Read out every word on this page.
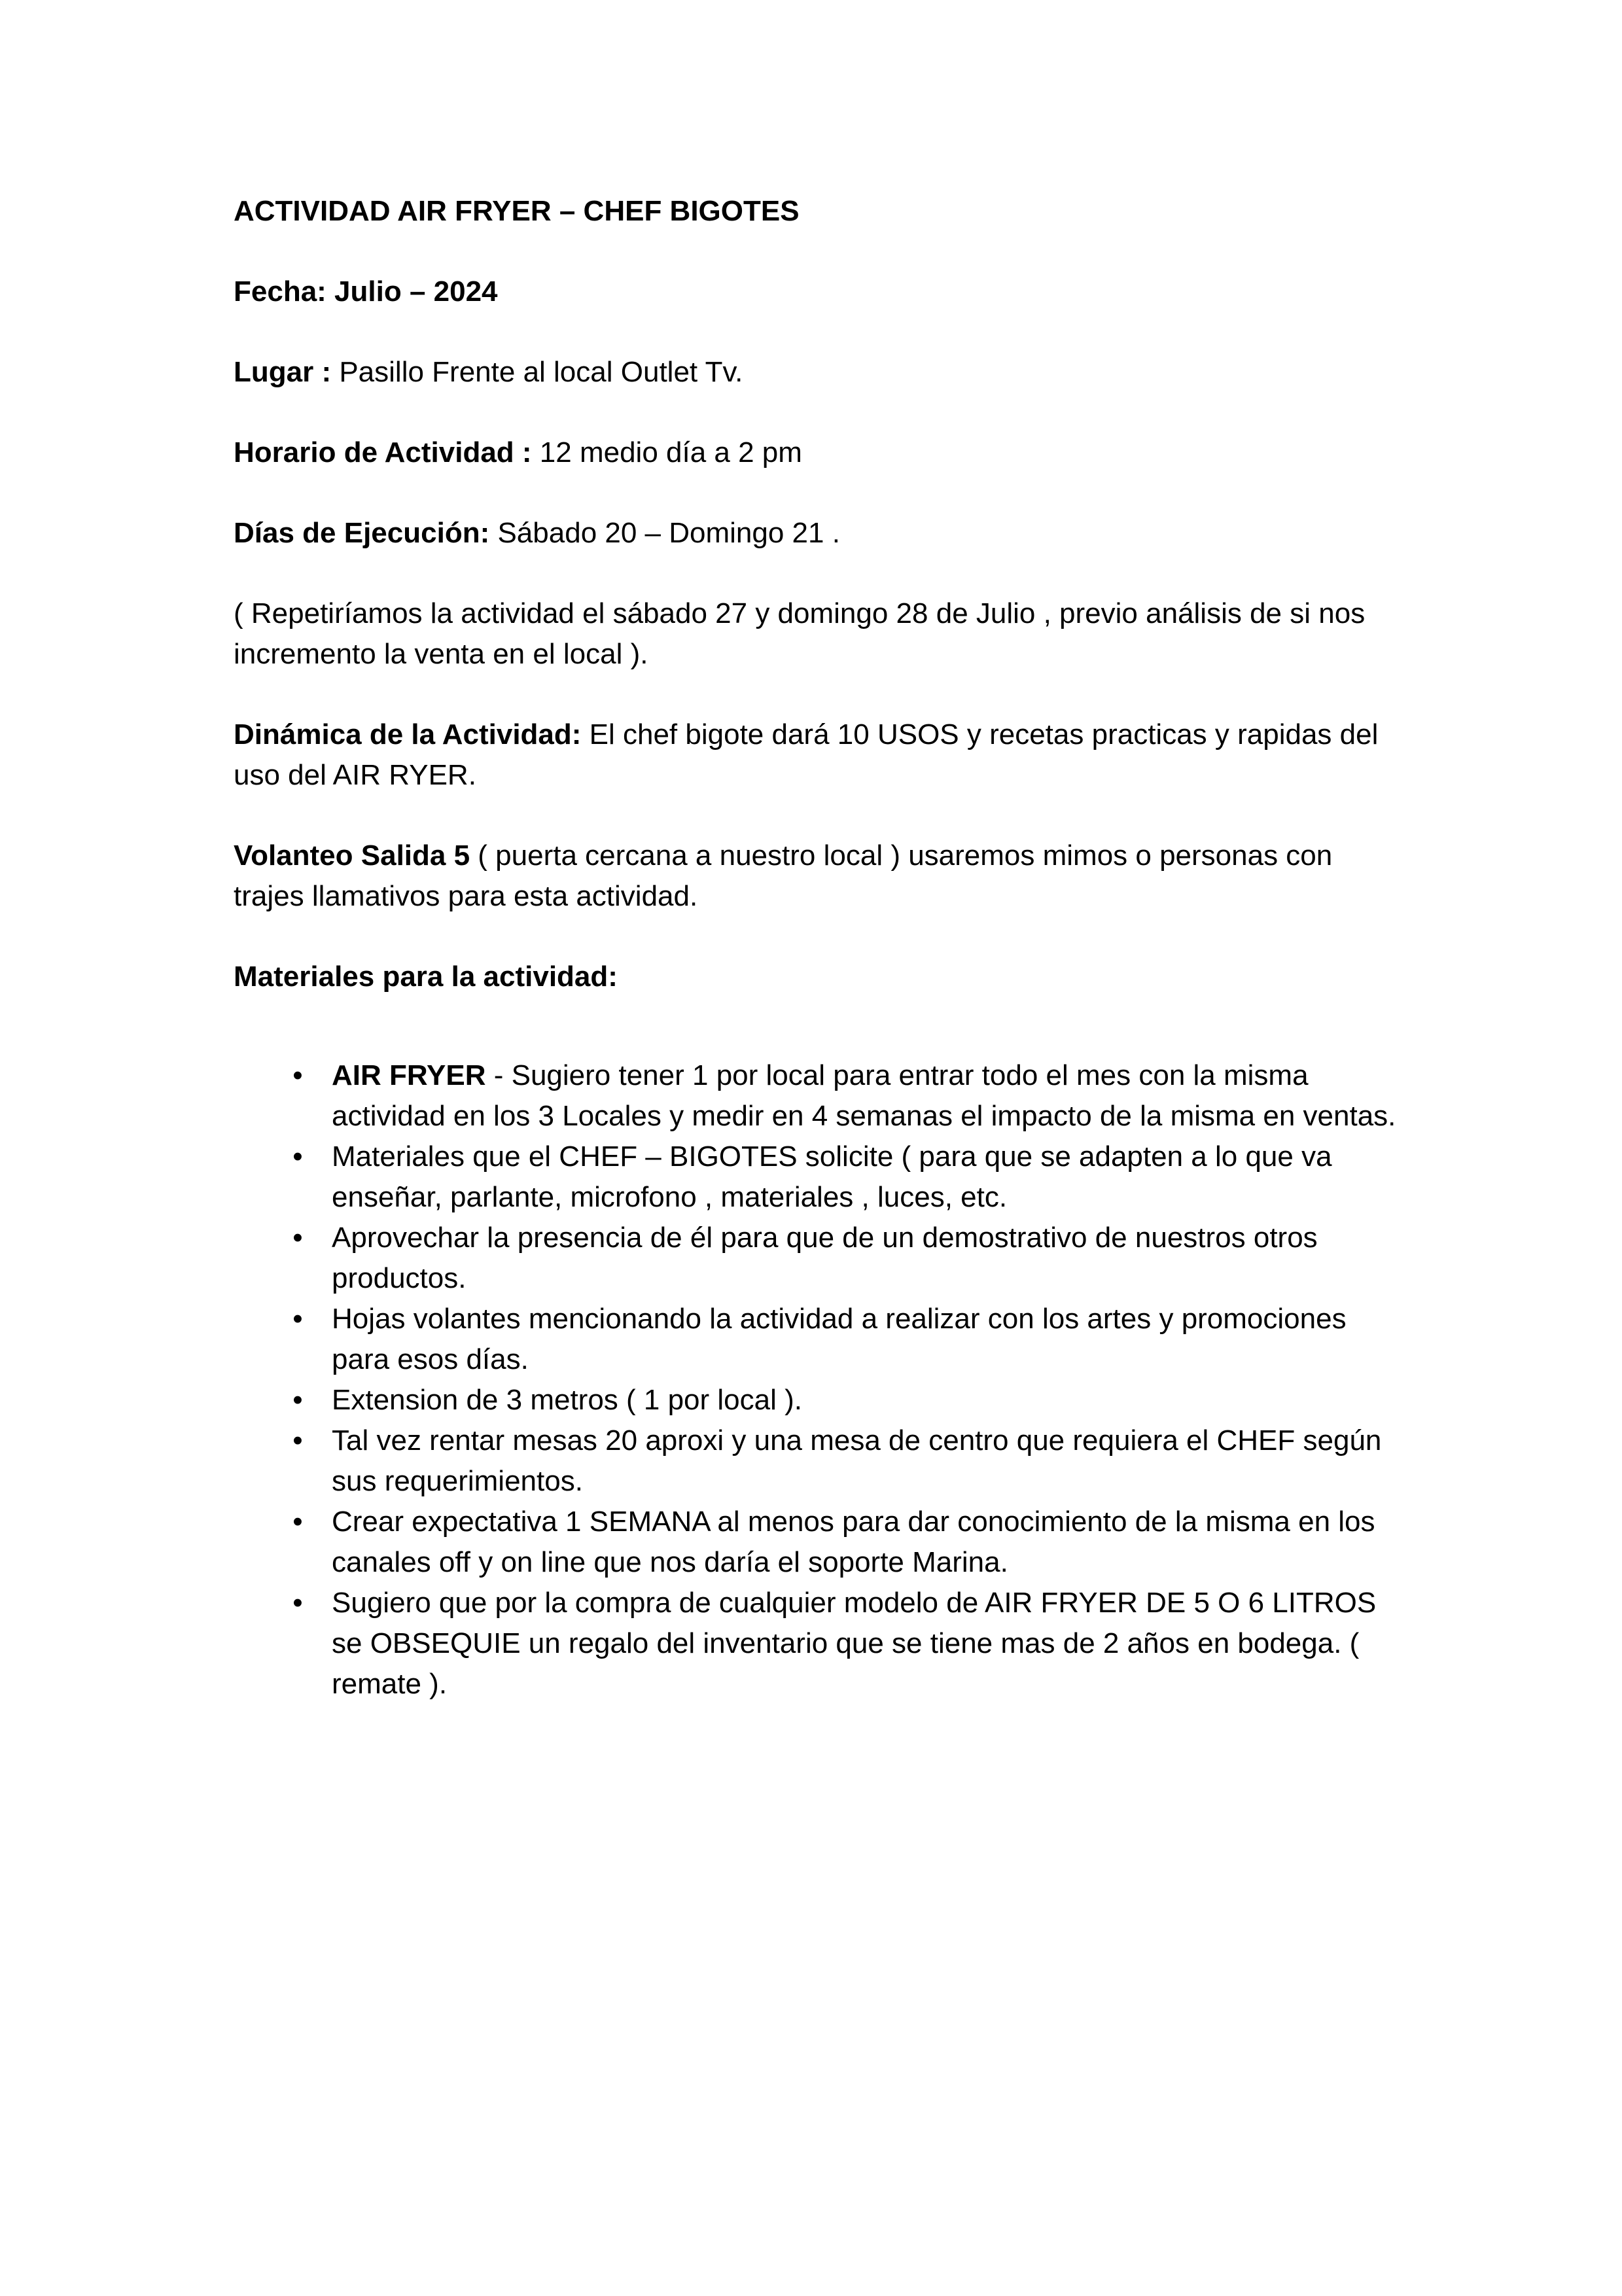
ACTIVIDAD AIR FRYER – CHEF BIGOTES

Fecha: Julio – 2024

Lugar : Pasillo Frente al local Outlet Tv.

Horario de Actividad : 12 medio día a 2 pm

Días de Ejecución: Sábado 20 – Domingo 21 .

( Repetiríamos la actividad el sábado 27 y domingo 28 de Julio , previo análisis de si nos incremento la venta en el local ).

Dinámica de la Actividad: El chef bigote dará 10 USOS y recetas practicas y rapidas del uso del AIR RYER.

Volanteo Salida 5 ( puerta cercana a nuestro local ) usaremos mimos o personas con trajes llamativos para esta actividad.

Materiales para la actividad:

• AIR FRYER - Sugiero tener 1 por local para entrar todo el mes con la misma actividad en los 3 Locales y medir en 4 semanas el impacto de la misma en ventas.
• Materiales que el CHEF – BIGOTES solicite ( para que se adapten a lo que va enseñar, parlante, microfono , materiales , luces, etc.
• Aprovechar la presencia de él para que de un demostrativo de nuestros otros productos.
• Hojas volantes mencionando la actividad a realizar con los artes y promociones para esos días.
• Extension de 3 metros ( 1 por local ).
• Tal vez rentar mesas 20 aproxi y una mesa de centro que requiera el CHEF según sus requerimientos.
• Crear expectativa 1 SEMANA al menos para dar conocimiento de la misma en los canales off y on line que nos daría el soporte Marina.
• Sugiero que por la compra de cualquier modelo de AIR FRYER DE 5 O 6 LITROS se OBSEQUIE un regalo del inventario que se tiene mas de 2 años en bodega. ( remate ).
